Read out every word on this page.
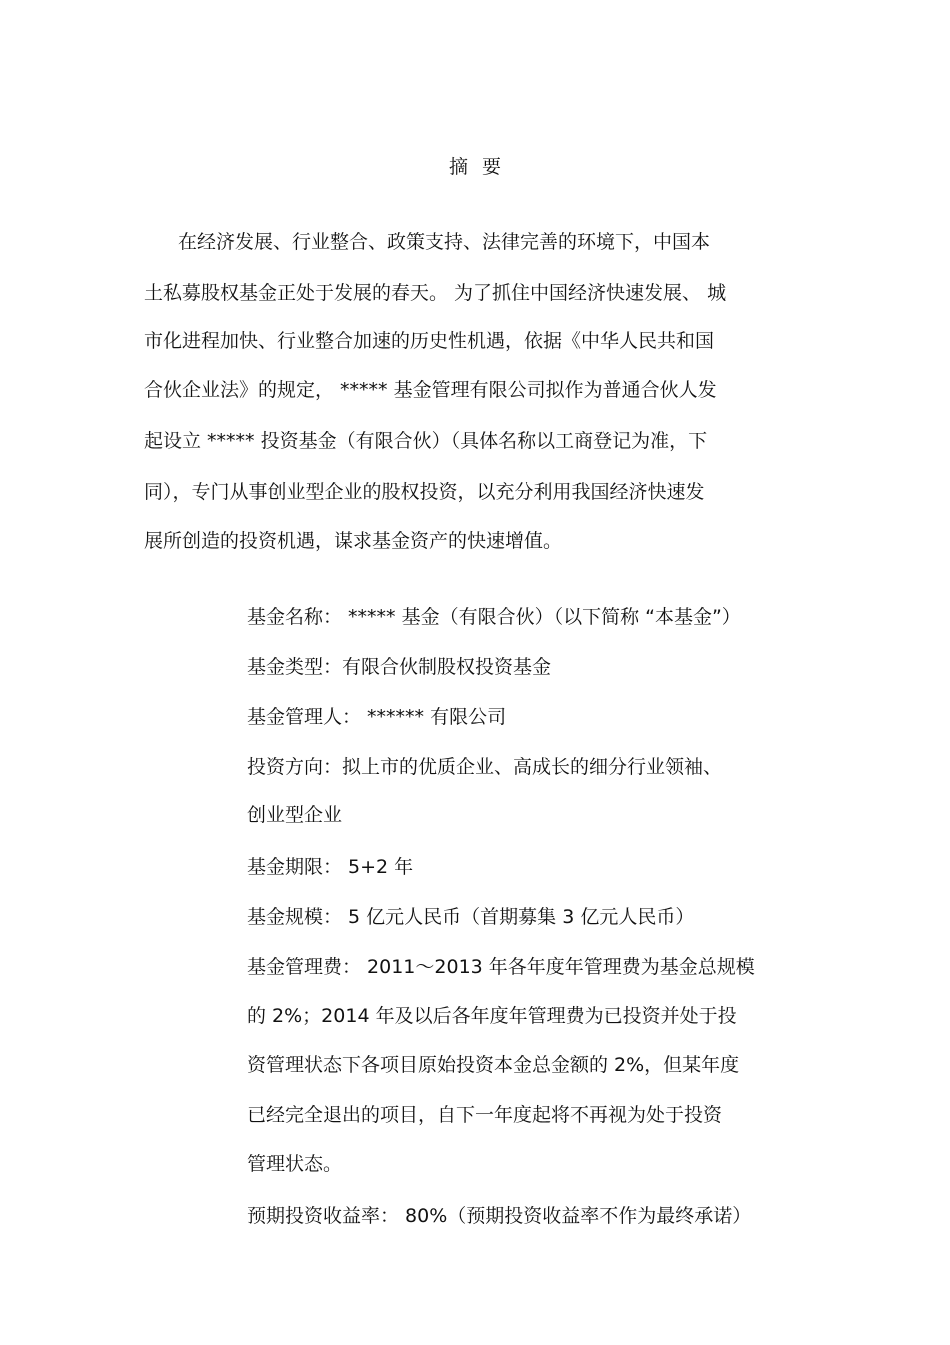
摘要
在经济发展、行业整合、政策支持、法律完善的环境下，中国本
土私募股权基金正处于发展的春天。 为了抓住中国经济快速发展、 城
市化进程加快、行业整合加速的历史性机遇，依据《中华人民共和国
合伙企业法》的规定， ***** 基金管理有限公司拟作为普通合伙人发
起设立 ***** 投资基金（有限合伙）（具体名称以工商登记为准，下
同），专门从事创业型企业的股权投资，以充分利用我国经济快速发
展所创造的投资机遇，谋求基金资产的快速增值。
基金名称： ***** 基金（有限合伙）（以下简称 “本基金”）
基金类型：有限合伙制股权投资基金
基金管理人： ****** 有限公司
投资方向：拟上市的优质企业、高成长的细分行业领袖、
创业型企业
基金期限： 5+2 年
基金规模： 5 亿元人民币（首期募集 3 亿元人民币）
基金管理费： 2011～2013 年各年度年管理费为基金总规模
的 2%；2014 年及以后各年度年管理费为已投资并处于投
资管理状态下各项目原始投资本金总金额的 2%，但某年度
已经完全退出的项目，自下一年度起将不再视为处于投资
管理状态。
预期投资收益率： 80%（预期投资收益率不作为最终承诺）
